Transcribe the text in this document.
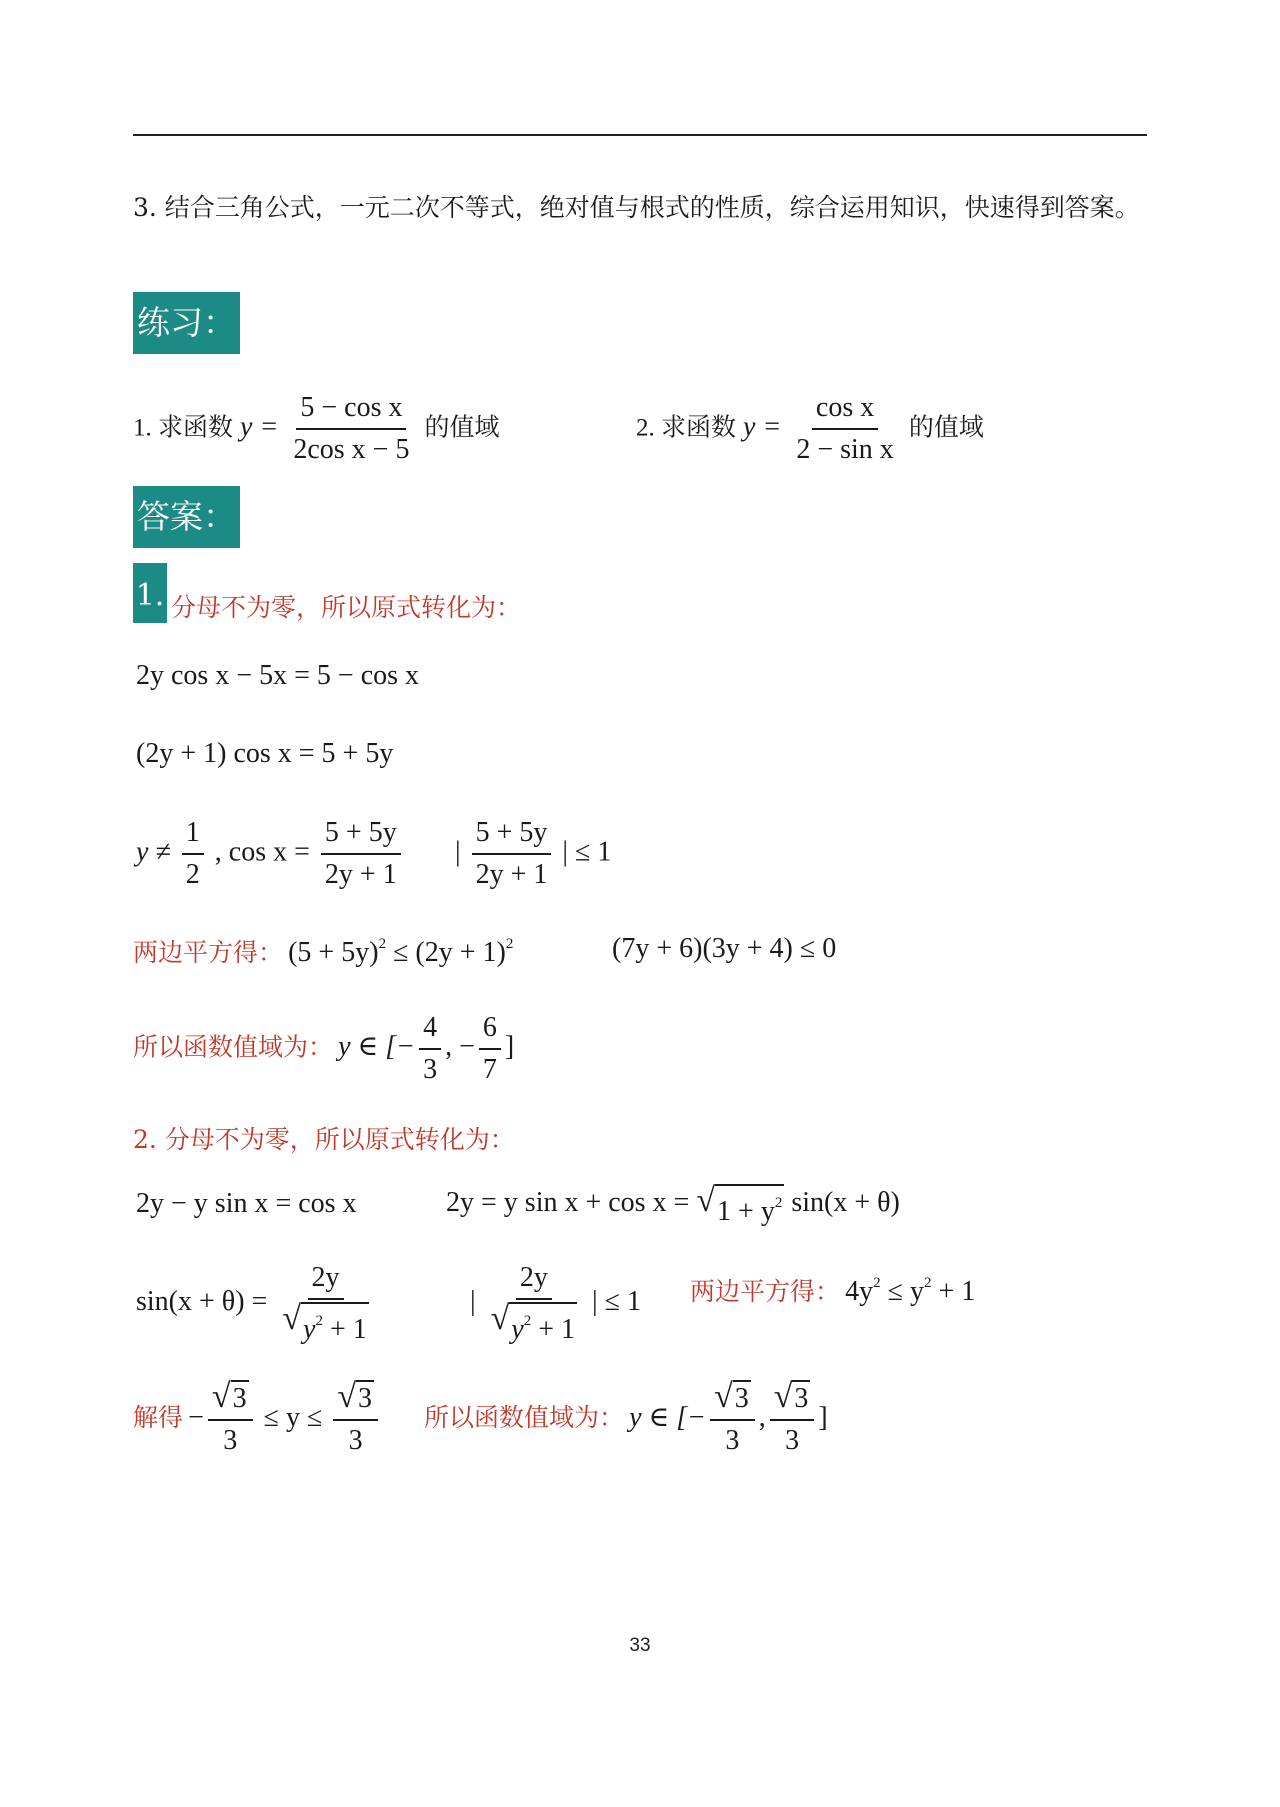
3. 结合三角公式，一元二次不等式，绝对值与根式的性质，综合运用知识，快速得到答案。
练习：
1. 求函数 $y = \frac{\text{5 − cos x}}{\text{2cos x − 5}}$ 的值域	2. 求函数 $y = \frac{\text{cos x}}{\text{2 − sin x}}$ 的值域
答案：
1. 分母不为零，所以原式转化为：
2y cos x − 5x = 5 − cos x
(2y + 1) cos x = 5 + 5y
$y \ne \frac{1}{2}$ , $\cos x = \frac{5 + 5y}{2y + 1}$ | $\frac{5 + 5y}{2y + 1}$ | ≤ 1
两边平方得： $(5 + 5y)^2 \le (2y + 1)^2$	(7y + 6)(3y + 4) ≤ 0
所以函数值域为： y ∈ [− $\frac{4}{3}$ , − $\frac{6}{7}$ ]
2. 分母不为零，所以原式转化为：
2y − y sin x = cos x	2y = y sin x + cos x = √ $1 + y^2$ sin(x + θ)
$\sin(x + \theta) = \frac{2y}{√ y^2 + 1}$	| $\frac{2y}{√ y^2 + 1}$ | ≤ 1 两边平方得： $4y^2 \le y^2 + 1$
解得 − $\frac{√ 3}{3} \le y \le \frac{√ 3}{3}$ 所以函数值域为： y ∈ [− $\frac{√ 3}{3}$ , $\frac{√ 3}{3}$ ]
33
